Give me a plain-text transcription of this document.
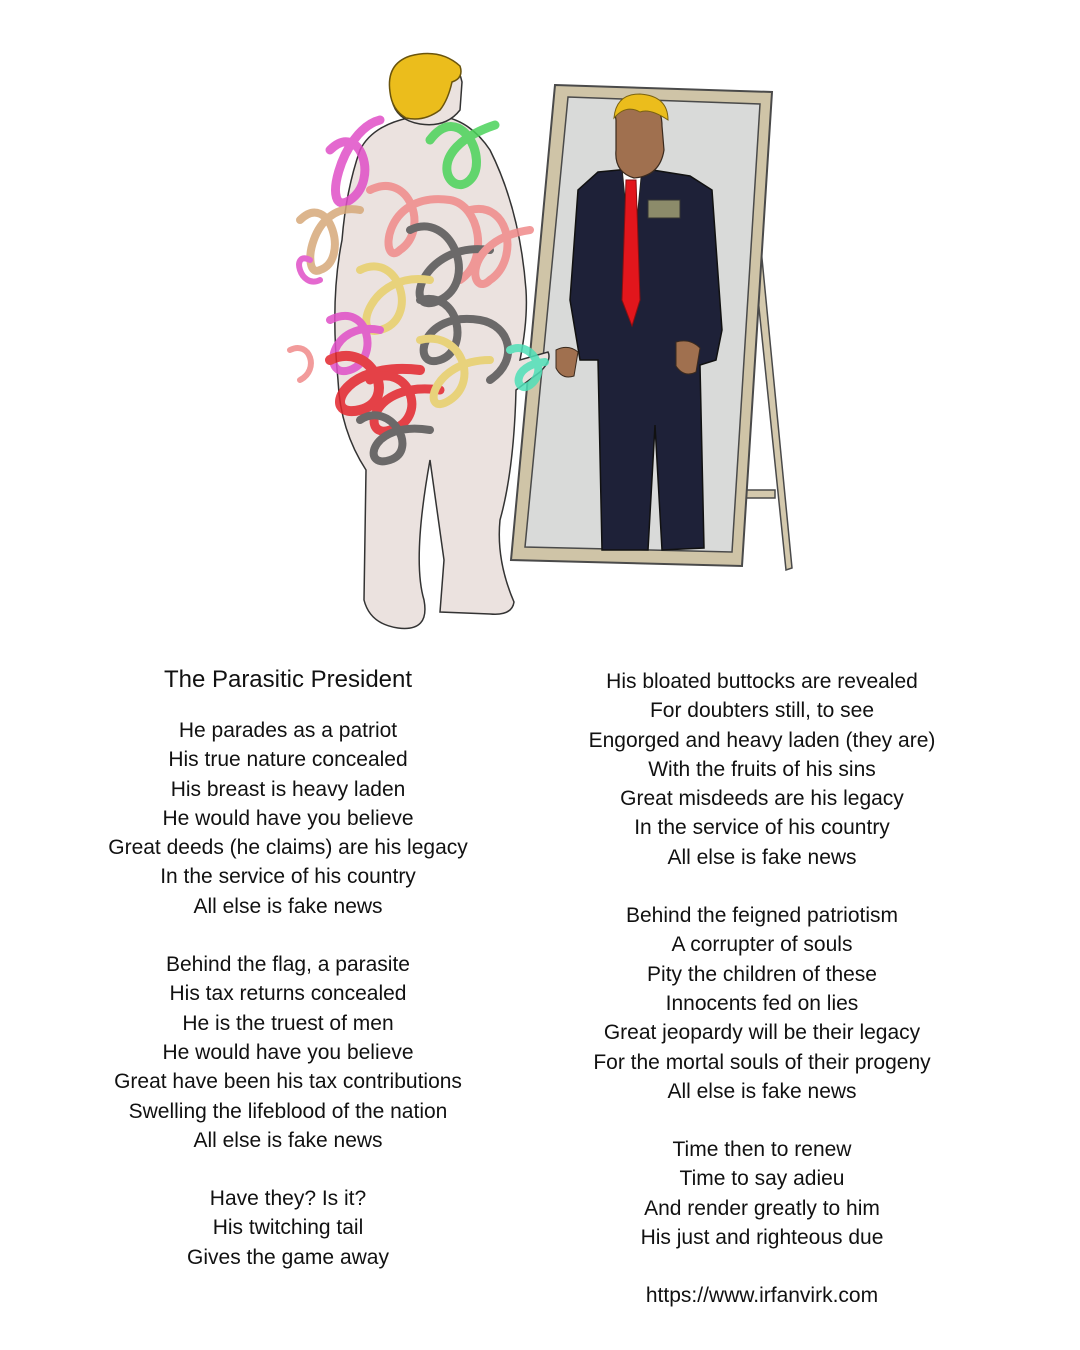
The Parasitic President
He parades as a patriot
His true nature concealed
His breast is heavy laden
He would have you believe
Great deeds (he claims) are his legacy
In the service of his country
All else is fake news
Behind the flag, a parasite
His tax returns concealed
He is the truest of men
He would have you believe
Great have been his tax contributions
Swelling the lifeblood of the nation
All else is fake news
Have they? Is it?
His twitching tail
Gives the game away
His bloated buttocks are revealed
For doubters still, to see
Engorged and heavy laden (they are)
With the fruits of his sins
Great misdeeds are his legacy
In the service of his country
All else is fake news
Behind the feigned patriotism
A corrupter of souls
Pity the children of these
Innocents fed on lies
Great jeopardy will be their legacy
For the mortal souls of their progeny
All else is fake news
Time then to renew
Time to say adieu
And render greatly to him
His just and righteous due
https://www.irfanvirk.com
